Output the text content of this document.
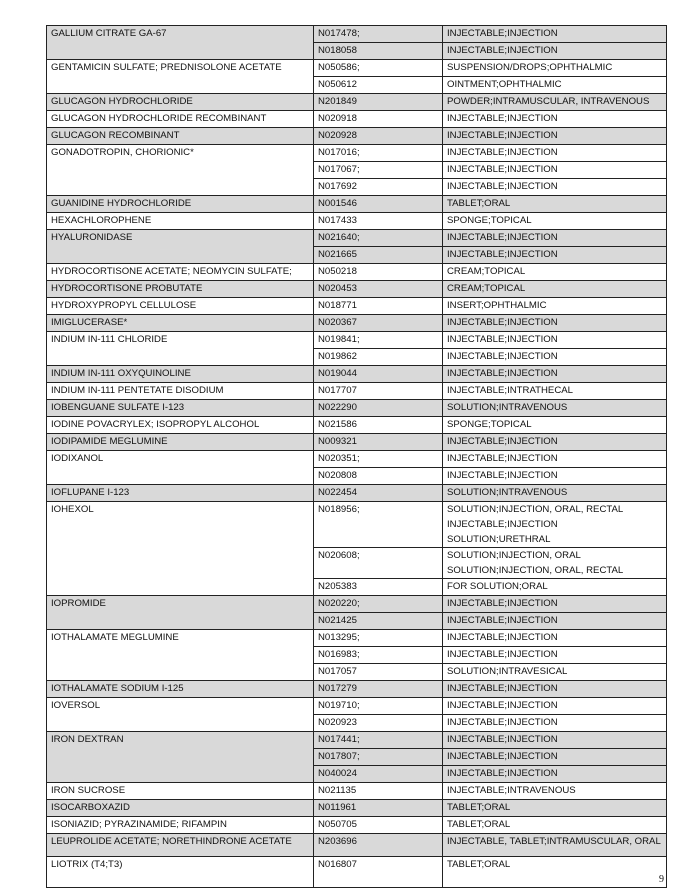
GALLIUM CITRATE GA-67	N017478;	INJECTABLE;INJECTION

	N018058	INJECTABLE;INJECTION

GENTAMICIN SULFATE; PREDNISOLONE ACETATE	N050586;	SUSPENSION/DROPS;OPHTHALMIC

	N050612	OINTMENT;OPHTHALMIC

GLUCAGON HYDROCHLORIDE	N201849	POWDER;INTRAMUSCULAR, INTRAVENOUS

GLUCAGON HYDROCHLORIDE RECOMBINANT	N020918	INJECTABLE;INJECTION

GLUCAGON RECOMBINANT	N020928	INJECTABLE;INJECTION

GONADOTROPIN, CHORIONIC*	N017016;	INJECTABLE;INJECTION

	N017067;	INJECTABLE;INJECTION

	N017692	INJECTABLE;INJECTION

GUANIDINE HYDROCHLORIDE	N001546	TABLET;ORAL

HEXACHLOROPHENE	N017433	SPONGE;TOPICAL

HYALURONIDASE	N021640;	INJECTABLE;INJECTION

	N021665	INJECTABLE;INJECTION

HYDROCORTISONE ACETATE; NEOMYCIN SULFATE;	N050218	CREAM;TOPICAL

HYDROCORTISONE PROBUTATE	N020453	CREAM;TOPICAL

HYDROXYPROPYL CELLULOSE	N018771	INSERT;OPHTHALMIC

IMIGLUCERASE*	N020367	INJECTABLE;INJECTION

INDIUM IN-111 CHLORIDE	N019841;	INJECTABLE;INJECTION

	N019862	INJECTABLE;INJECTION

INDIUM IN-111 OXYQUINOLINE	N019044	INJECTABLE;INJECTION

INDIUM IN-111 PENTETATE DISODIUM	N017707	INJECTABLE;INTRATHECAL

IOBENGUANE SULFATE I-123	N022290	SOLUTION;INTRAVENOUS

IODINE POVACRYLEX; ISOPROPYL ALCOHOL	N021586	SPONGE;TOPICAL

IODIPAMIDE MEGLUMINE	N009321	INJECTABLE;INJECTION

IODIXANOL	N020351;	INJECTABLE;INJECTION

	N020808	INJECTABLE;INJECTION

IOFLUPANE I-123	N022454	SOLUTION;INTRAVENOUS

IOHEXOL	N018956;	SOLUTION;INJECTION, ORAL, RECTAL
INJECTABLE;INJECTION
SOLUTION;URETHRAL

	N020608;	SOLUTION;INJECTION, ORAL
SOLUTION;INJECTION, ORAL, RECTAL

	N205383	FOR SOLUTION;ORAL

IOPROMIDE	N020220;	INJECTABLE;INJECTION

	N021425	INJECTABLE;INJECTION

IOTHALAMATE MEGLUMINE	N013295;	INJECTABLE;INJECTION

	N016983;	INJECTABLE;INJECTION

	N017057	SOLUTION;INTRAVESICAL

IOTHALAMATE SODIUM I-125	N017279	INJECTABLE;INJECTION

IOVERSOL	N019710;	INJECTABLE;INJECTION

	N020923	INJECTABLE;INJECTION

IRON DEXTRAN	N017441;	INJECTABLE;INJECTION

	N017807;	INJECTABLE;INJECTION

	N040024	INJECTABLE;INJECTION

IRON SUCROSE	N021135	INJECTABLE;INTRAVENOUS

ISOCARBOXAZID	N011961	TABLET;ORAL

ISONIAZID; PYRAZINAMIDE; RIFAMPIN	N050705	TABLET;ORAL

LEUPROLIDE ACETATE; NORETHINDRONE ACETATE	N203696	INJECTABLE, TABLET;INTRAMUSCULAR, ORAL

LIOTRIX (T4;T3)	N016807	TABLET;ORAL
9
